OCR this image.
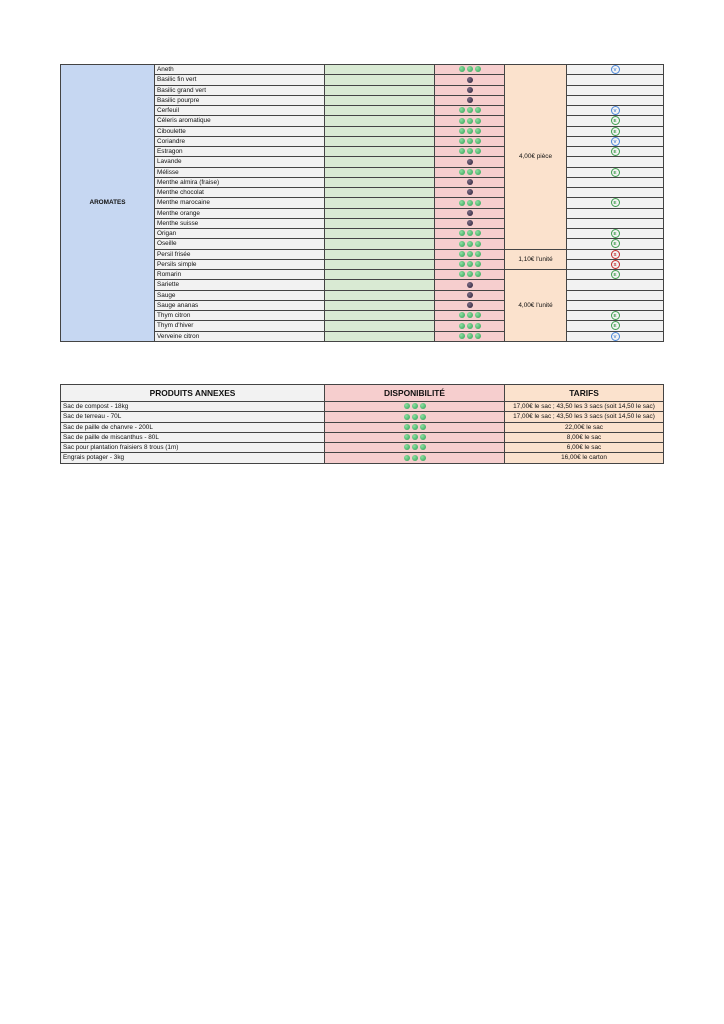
AROMATES	Aneth			4,00€ pièce	V
	Basilic fin vert			

	Basilic grand vert			

	Basilic pourpre			

	Cerfeuil				V
	Céleris aromatique				E
	Ciboulette				E
	Coriandre				V
	Estragon				E
	Lavande			

	Mélisse				E
	Menthe almira (fraise)			

	Menthe chocolat			

	Menthe marocaine				E
	Menthe orange			

	Menthe suisse			

	Origan				E
	Oseille				E
	Persil frisée			1,10€ l'unité	S
	Persils simple				S
	Romarin			4,00€ l'unité	E
	Sariette			

	Sauge			

	Sauge ananas			

	Thym citron				E
	Thym d'hiver				E
	Verveine citron				V
PRODUITS ANNEXES	DISPONIBILITÉ	TARIFS
Sac de compost - 18kg		17,00€ le sac ; 43,50 les 3 sacs (soit 14,50 le sac)
Sac de terreau - 70L		17,00€ le sac ; 43,50 les 3 sacs (soit 14,50 le sac)
Sac de paille de chanvre - 200L		22,00€ le sac
Sac de paille de miscanthus - 80L		8,00€ le sac
Sac pour plantation fraisiers 8 trous (1m)		6,00€ le sac
Engrais potager - 3kg		16,00€ le carton
